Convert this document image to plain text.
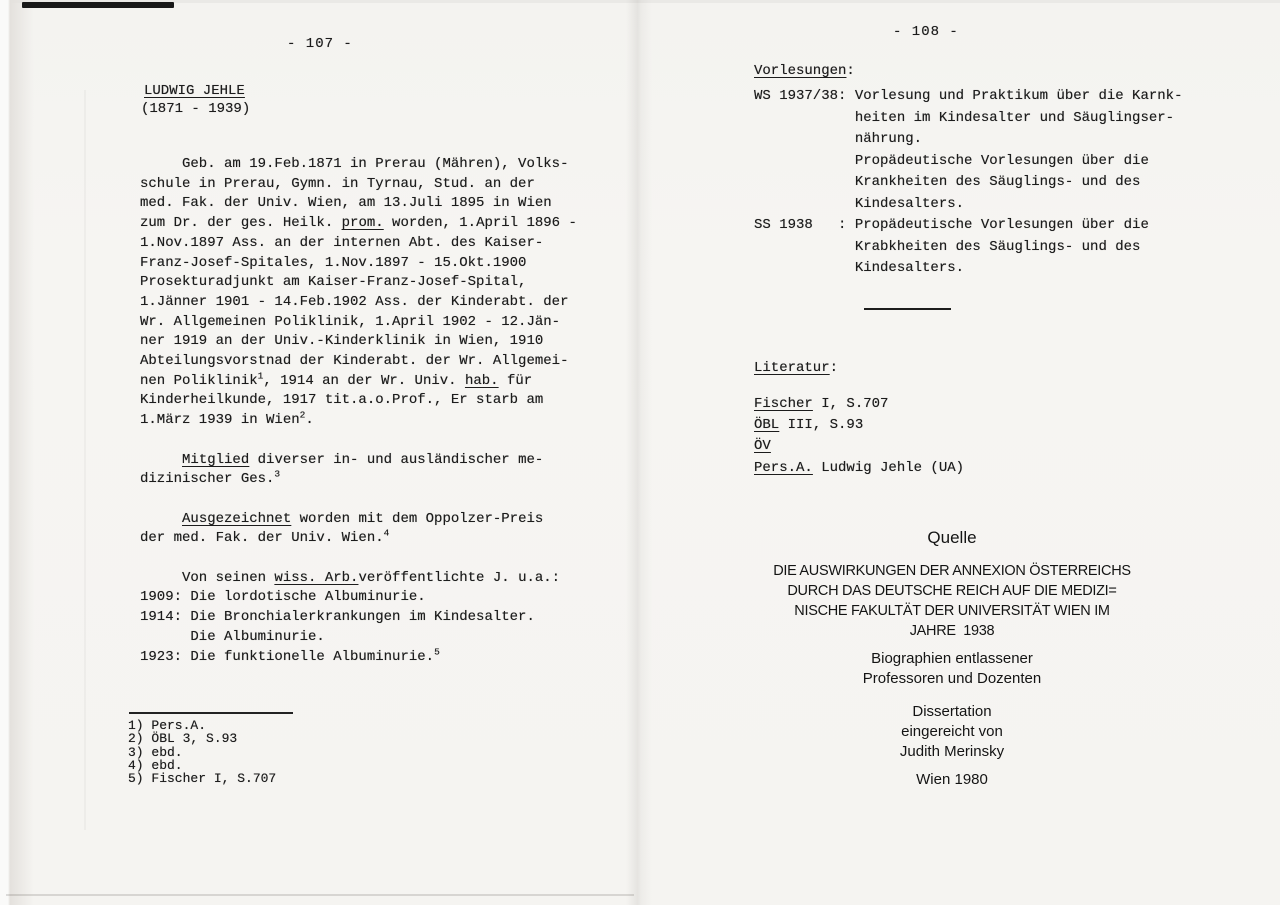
- 107 -
LUDWIG JEHLE
(1871 - 1939)
Geb. am 19.Feb.1871 in Prerau (Mähren), Volks-
schule in Prerau, Gymn. in Tyrnau, Stud. an der
med. Fak. der Univ. Wien, am 13.Juli 1895 in Wien
zum Dr. der ges. Heilk. prom. worden, 1.April 1896 -
1.Nov.1897 Ass. an der internen Abt. des Kaiser-
Franz-Josef-Spitales, 1.Nov.1897 - 15.Okt.1900
Prosekturadjunkt am Kaiser-Franz-Josef-Spital,
1.Jänner 1901 - 14.Feb.1902 Ass. der Kinderabt. der
Wr. Allgemeinen Poliklinik, 1.April 1902 - 12.Jän-
ner 1919 an der Univ.-Kinderklinik in Wien, 1910
Abteilungsvorstnad der Kinderabt. der Wr. Allgemei-
nen Poliklinik$^1$, 1914 an der Wr. Univ. hab. für
Kinderheilkunde, 1917 tit.a.o.Prof., Er starb am
1.März 1939 in Wien$^2$.

Mitglied diverser in- und ausländischer me-
dizinischer Ges.$^3$

Ausgezeichnet worden mit dem Oppolzer-Preis
der med. Fak. der Univ. Wien.$^4$

Von seinen wiss. Arb.veröffentlichte J. u.a.:
1909: Die lordotische Albuminurie.
1914: Die Bronchialerkrankungen im Kindesalter.
Die Albuminurie.
1923: Die funktionelle Albuminurie.$^5$
1) Pers.A.
2) ÖBL 3, S.93
3) ebd.
4) ebd.
5) Fischer I, S.707
- 108 -
Vorlesungen:
WS 1937/38: Vorlesung und Praktikum über die Karnk-
heiten im Kindesalter und Säuglingser-
nährung.
Propädeutische Vorlesungen über die
Krankheiten des Säuglings- und des
Kindesalters.
SS 1938   : Propädeutische Vorlesungen über die
Krabkheiten des Säuglings- und des
Kindesalters.
Literatur:
Fischer I, S.707
ÖBL III, S.93
ÖV
Pers.A. Ludwig Jehle (UA)
Quelle
DIE AUSWIRKUNGEN DER ANNEXION ÖSTERREICHS
DURCH DAS DEUTSCHE REICH AUF DIE MEDIZI=
NISCHE FAKULTÄT DER UNIVERSITÄT WIEN IM
JAHRE  1938
Biographien entlassener
Professoren und Dozenten
Dissertation
eingereicht von
Judith Merinsky
Wien 1980
